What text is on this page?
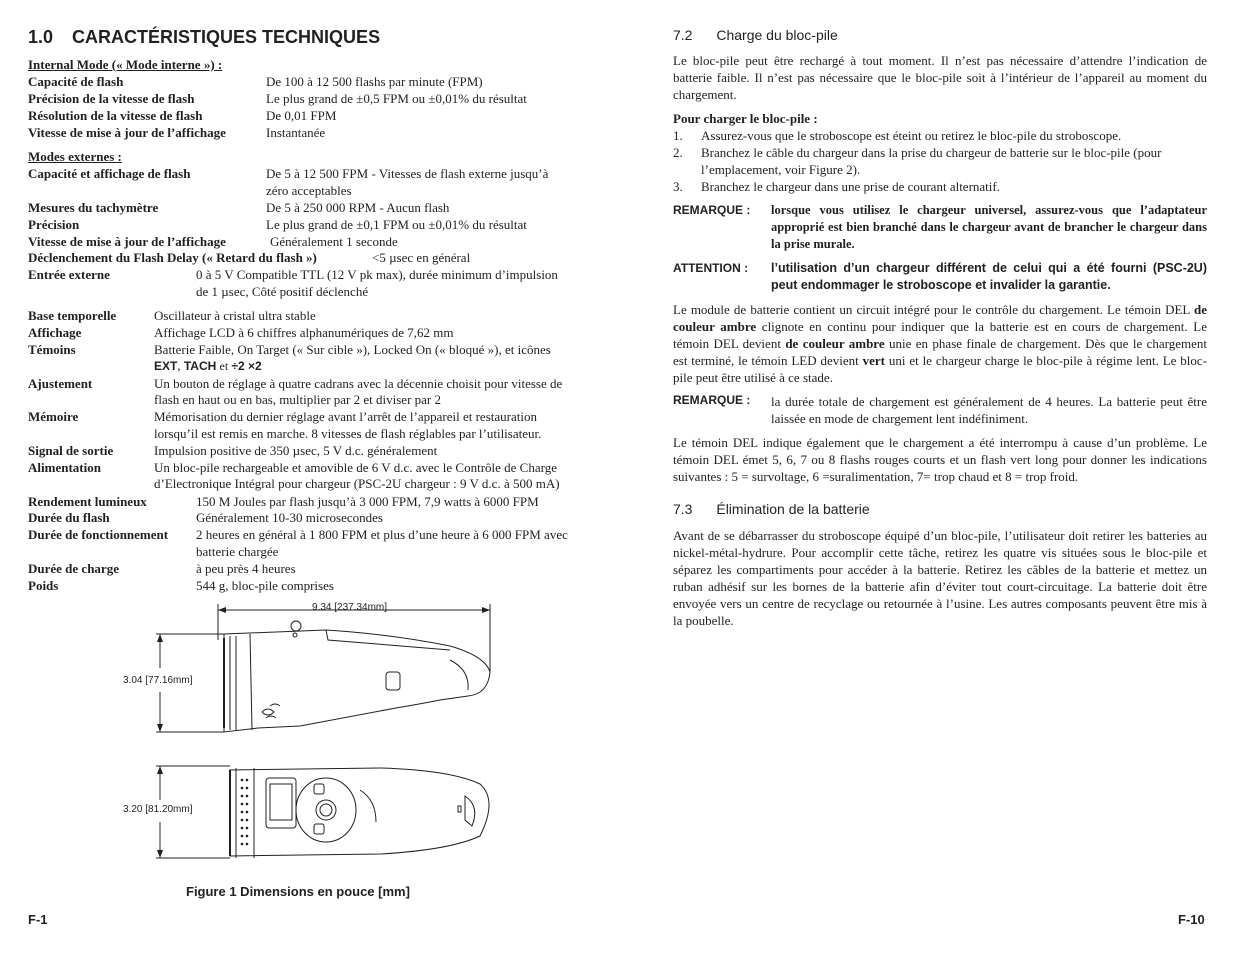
1.0 CARACTÉRISTIQUES TECHNIQUES
Internal Mode (« Mode interne ») :
Capacité de flash	De 100 à 12 500 flashs par minute (FPM)
Précision de la vitesse de flash	Le plus grand de ±0,5 FPM ou ±0,01% du résultat
Résolution de la vitesse de flash	De 0,01 FPM
Vitesse de mise à jour de l’affichage	Instantanée
Modes externes :
Capacité et affichage de flash	De 5 à 12 500 FPM - Vitesses de flash externe jusqu’à
zéro acceptables
Mesures du tachymètre	De 5 à 250 000 RPM - Aucun flash
Précision	Le plus grand de ±0,1 FPM ou ±0,01% du résultat
Vitesse de mise à jour de l’affichage	Généralement 1 seconde
Déclenchement du Flash Delay (« Retard du flash »)	<5 µsec en général
Entrée externe	0 à 5 V Compatible TTL (12 V pk max), durée minimum d’impulsion
de 1 µsec, Côté positif déclenché
Base temporelle	Oscillateur à cristal ultra stable
Affichage	Affichage LCD à 6 chiffres alphanumériques de 7,62 mm
Témoins	Batterie Faible, On Target (« Sur cible »), Locked On (« bloqué »), et icônes
EXT, TACH et ÷2 ×2
Ajustement	Un bouton de réglage à quatre cadrans avec la décennie choisit pour vitesse de
flash en haut ou en bas, multiplier par 2 et diviser par 2
Mémoire	Mémorisation du dernier réglage avant l’arrêt de l’appareil et restauration
lorsqu’il est remis en marche. 8 vitesses de flash réglables par l’utilisateur.
Signal de sortie	Impulsion positive de 350 µsec, 5 V d.c. généralement
Alimentation	Un bloc-pile rechargeable et amovible de 6 V d.c. avec le Contrôle de Charge
d’Electronique Intégral pour chargeur (PSC-2U chargeur : 9 V d.c. à 500 mA)
Rendement lumineux	150 M Joules par flash jusqu’à 3 000 FPM, 7,9 watts à 6000 FPM
Durée du flash	Généralement 10-30 microsecondes
Durée de fonctionnement 2 heures en général à 1 800 FPM et plus d’une heure à 6 000 FPM avec
batterie chargée
Durée de charge	à peu près 4 heures
Poids	544 g, bloc-pile comprises
9.34 [237.34mm]
3.04 [77.16mm]
3.20 [81.20mm]
Figure 1 Dimensions en pouce [mm]
F-1
7.2 Charge du bloc-pile
Le bloc-pile peut être rechargé à tout moment. Il n’est pas nécessaire d’attendre l’indication de batterie faible. Il n’est pas nécessaire que le bloc-pile soit à l’intérieur de l’appareil au moment du chargement.
Pour charger le bloc-pile :
1.	Assurez-vous que le stroboscope est éteint ou retirez le bloc-pile du stroboscope.
2.	Branchez le câble du chargeur dans la prise du chargeur de batterie sur le bloc-pile (pour l’emplacement, voir Figure 2).
3.	Branchez le chargeur dans une prise de courant alternatif.
REMARQUE : lorsque vous utilisez le chargeur universel, assurez-vous que l’adaptateur approprié est bien branché dans le chargeur avant de brancher le chargeur dans la prise murale.
ATTENTION : l’utilisation d’un chargeur différent de celui qui a été fourni (PSC-2U) peut endommager le stroboscope et invalider la garantie.
Le module de batterie contient un circuit intégré pour le contrôle du chargement. Le témoin DEL de couleur ambre clignote en continu pour indiquer que la batterie est en cours de chargement. Le témoin DEL devient de couleur ambre unie en phase finale de chargement. Dès que le chargement est terminé, le témoin LED devient vert uni et le chargeur charge le bloc-pile à régime lent. Le bloc-pile peut être utilisé à ce stade.
REMARQUE : la durée totale de chargement est généralement de 4 heures. La batterie peut être laissée en mode de chargement lent indéfiniment.
Le témoin DEL indique également que le chargement a été interrompu à cause d’un problème. Le témoin DEL émet 5, 6, 7 ou 8 flashs rouges courts et un flash vert long pour donner les indications suivantes : 5 = survoltage, 6 =suralimentation, 7= trop chaud et 8 = trop froid.
7.3 Élimination de la batterie
Avant de se débarrasser du stroboscope équipé d’un bloc-pile, l’utilisateur doit retirer les batteries au nickel-métal-hydrure. Pour accomplir cette tâche, retirez les quatre vis situées sous le bloc-pile et séparez les compartiments pour accéder à la batterie. Retirez les câbles de la batterie et mettez un ruban adhésif sur les bornes de la batterie afin d’éviter tout court-circuitage. La batterie doit être envoyée vers un centre de recyclage ou retournée à l’usine. Les autres composants peuvent être mis à la poubelle.
F-10
